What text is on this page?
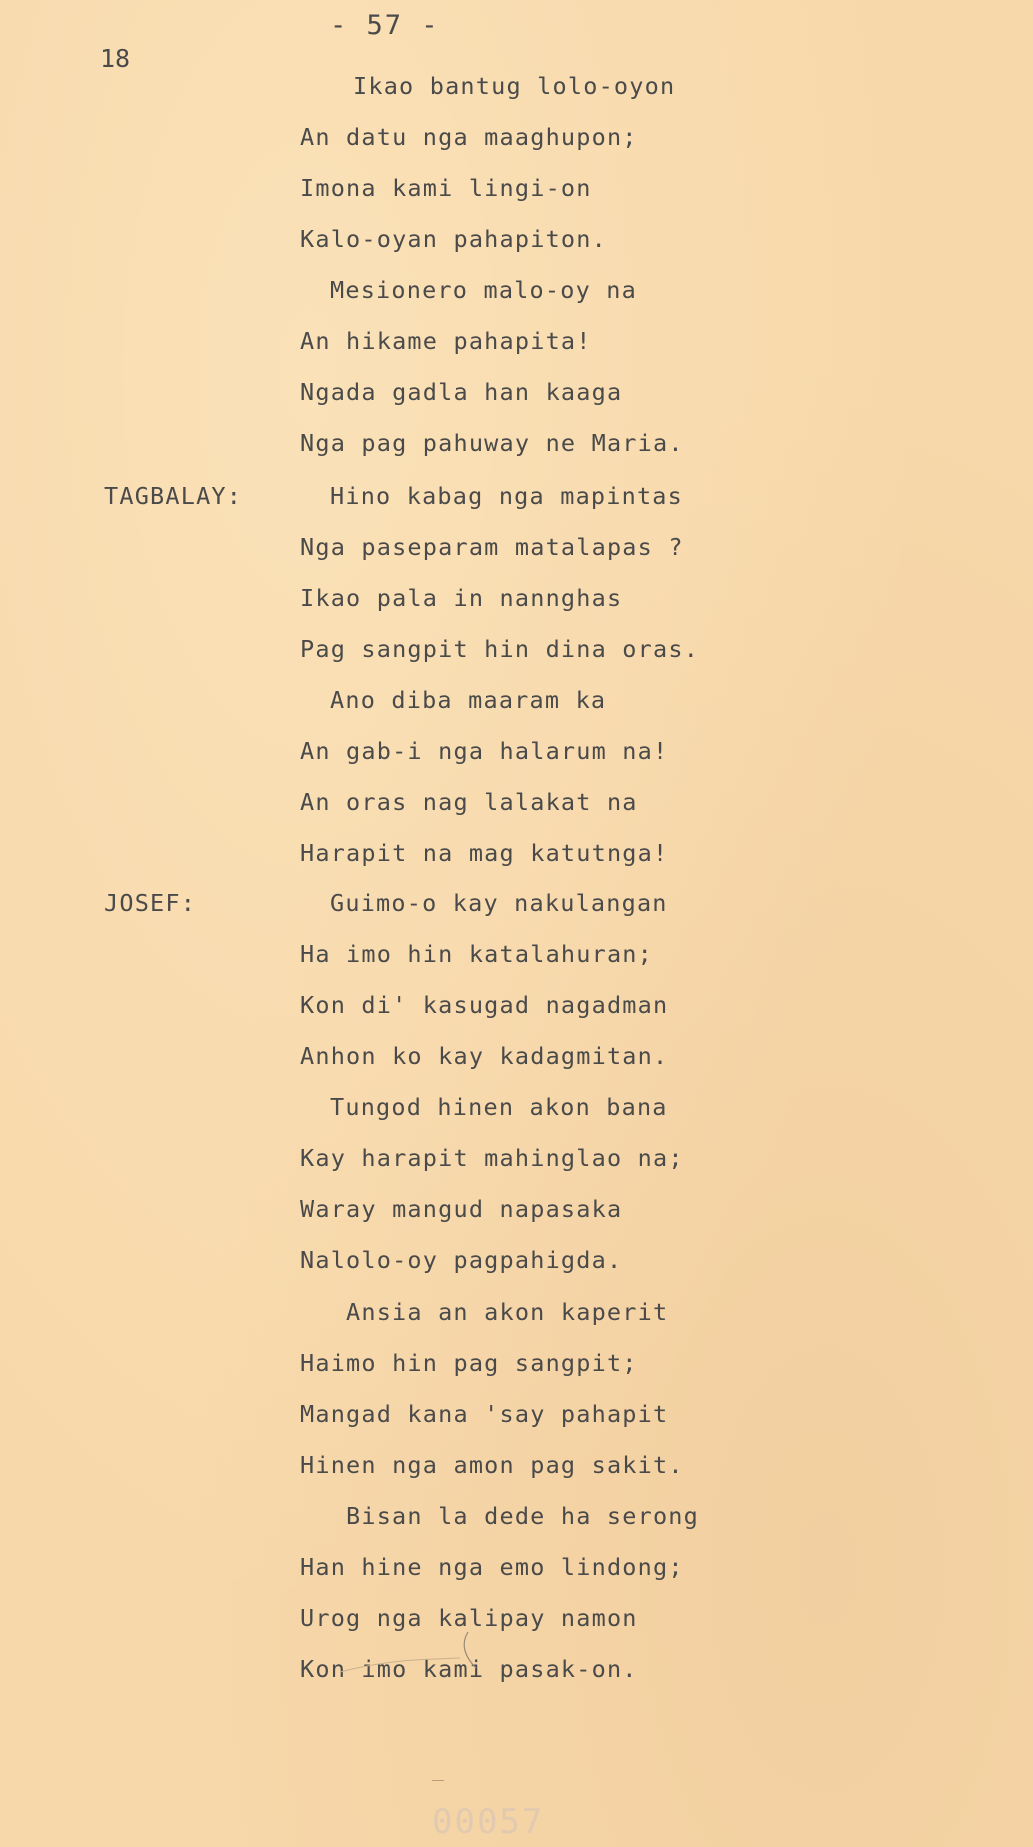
- 57 -
18
TAGBALAY:
JOSEF:
Ikao bantug lolo-oyon
An datu nga maaghupon;
Imona kami lingi-on
Kalo-oyan pahapiton.
Mesionero malo-oy na
An hikame pahapita!
Ngada gadla han kaaga
Nga pag pahuway ne Maria.
Hino kabag nga mapintas
Nga paseparam matalapas ?
Ikao pala in nannghas
Pag sangpit hin dina oras.
Ano diba maaram ka
An gab-i nga halarum na!
An oras nag lalakat na
Harapit na mag katutnga!
Guimo-o kay nakulangan
Ha imo hin katalahuran;
Kon di' kasugad nagadman
Anhon ko kay kadagmitan.
Tungod hinen akon bana
Kay harapit mahinglao na;
Waray mangud napasaka
Nalolo-oy pagpahigda.
Ansia an akon kaperit
Haimo hin pag sangpit;
Mangad kana 'say pahapit
Hinen nga amon pag sakit.
Bisan la dede ha serong
Han hine nga emo lindong;
Urog nga kalipay namon
Kon imo kami pasak-on.
00057
